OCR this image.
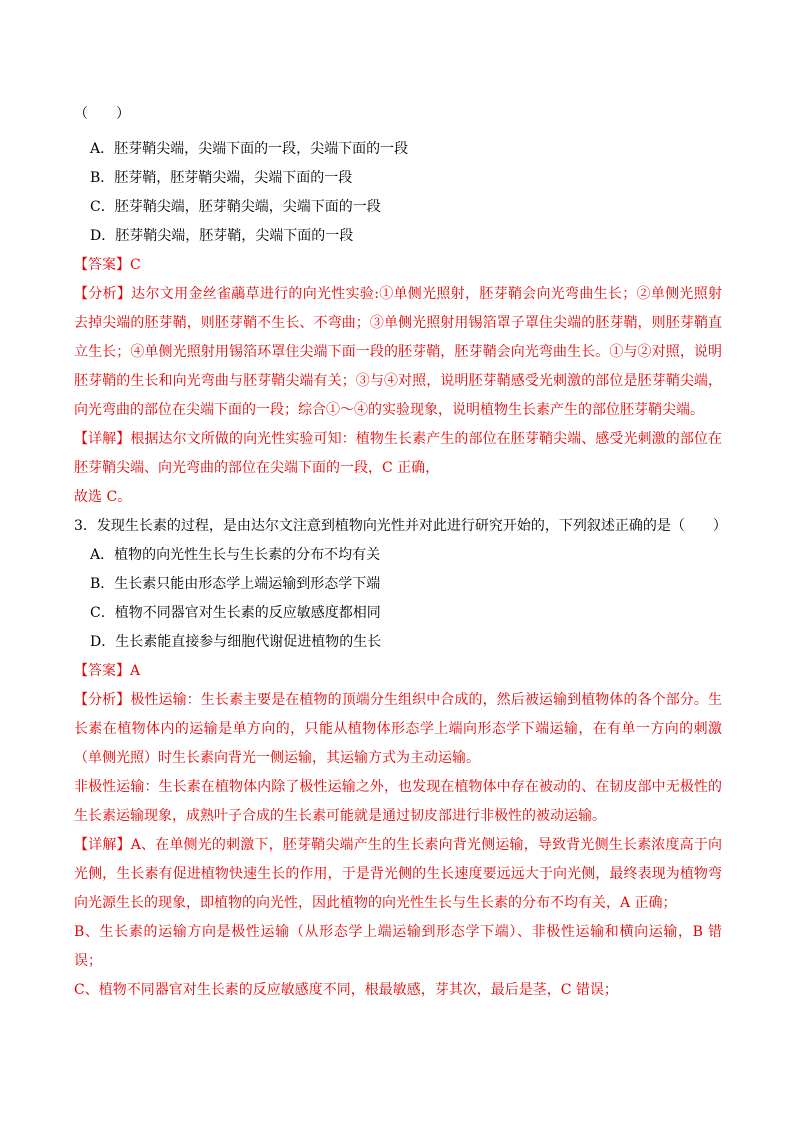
（　　）
A．胚芽鞘尖端，尖端下面的一段，尖端下面的一段
B．胚芽鞘，胚芽鞘尖端，尖端下面的一段
C．胚芽鞘尖端，胚芽鞘尖端，尖端下面的一段
D．胚芽鞘尖端，胚芽鞘，尖端下面的一段
【答案】C
【分析】达尔文用金丝雀虉草进行的向光性实验:①单侧光照射，胚芽鞘会向光弯曲生长；②单侧光照射去掉尖端的胚芽鞘，则胚芽鞘不生长、不弯曲；③单侧光照射用锡箔罩子罩住尖端的胚芽鞘，则胚芽鞘直立生长；④单侧光照射用锡箔环罩住尖端下面一段的胚芽鞘，胚芽鞘会向光弯曲生长。①与②对照，说明胚芽鞘的生长和向光弯曲与胚芽鞘尖端有关；③与④对照，说明胚芽鞘感受光刺激的部位是胚芽鞘尖端，向光弯曲的部位在尖端下面的一段；综合①～④的实验现象，说明植物生长素产生的部位胚芽鞘尖端。
【详解】根据达尔文所做的向光性实验可知：植物生长素产生的部位在胚芽鞘尖端、感受光刺激的部位在胚芽鞘尖端、向光弯曲的部位在尖端下面的一段，C 正确，
故选 C。
3．发现生长素的过程，是由达尔文注意到植物向光性并对此进行研究开始的，下列叙述正确的是（　　）
A．植物的向光性生长与生长素的分布不均有关
B．生长素只能由形态学上端运输到形态学下端
C．植物不同器官对生长素的反应敏感度都相同
D．生长素能直接参与细胞代谢促进植物的生长
【答案】A
【分析】极性运输：生长素主要是在植物的顶端分生组织中合成的，然后被运输到植物体的各个部分。生长素在植物体内的运输是单方向的，只能从植物体形态学上端向形态学下端运输，在有单一方向的刺激（单侧光照）时生长素向背光一侧运输，其运输方式为主动运输。
非极性运输：生长素在植物体内除了极性运输之外，也发现在植物体中存在被动的、在韧皮部中无极性的生长素运输现象，成熟叶子合成的生长素可能就是通过韧皮部进行非极性的被动运输。
【详解】A、在单侧光的刺激下，胚芽鞘尖端产生的生长素向背光侧运输，导致背光侧生长素浓度高于向光侧，生长素有促进植物快速生长的作用，于是背光侧的生长速度要远远大于向光侧，最终表现为植物弯向光源生长的现象，即植物的向光性，因此植物的向光性生长与生长素的分布不均有关，A 正确；
B、生长素的运输方向是极性运输（从形态学上端运输到形态学下端）、非极性运输和横向运输，B 错误；
C、植物不同器官对生长素的反应敏感度不同，根最敏感，芽其次，最后是茎，C 错误；
